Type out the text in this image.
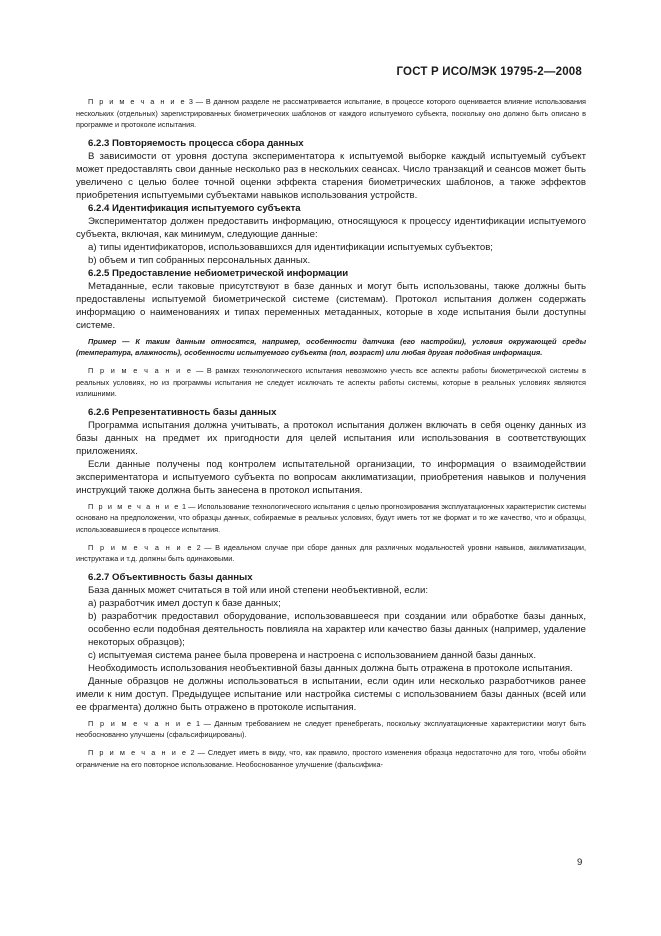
ГОСТ Р ИСО/МЭК 19795-2—2008

П р и м е ч а н и е 3 — В данном разделе не рассматривается испытание, в процессе которого оценивается влияние использования нескольких (отдельных) зарегистрированных биометрических шаблонов от каждого испытуемого субъекта, поскольку оно должно быть описано в программе и протоколе испытания.

6.2.3 Повторяемость процесса сбора данных

В зависимости от уровня доступа экспериментатора к испытуемой выборке каждый испытуемый субъект может предоставлять свои данные несколько раз в нескольких сеансах. Число транзакций и сеансов может быть увеличено с целью более точной оценки эффекта старения биометрических шаблонов, а также эффектов приобретения испытуемыми субъектами навыков использования устройств.

6.2.4 Идентификация испытуемого субъекта

Экспериментатор должен предоставить информацию, относящуюся к процессу идентификации испытуемого субъекта, включая, как минимум, следующие данные:

a) типы идентификаторов, использовавшихся для идентификации испытуемых субъектов;

b) объем и тип собранных персональных данных.

6.2.5 Предоставление небиометрической информации

Метаданные, если таковые присутствуют в базе данных и могут быть использованы, также должны быть предоставлены испытуемой биометрической системе (системам). Протокол испытания должен содержать информацию о наименованиях и типах переменных метаданных, которые в ходе испытания были доступны системе.

Пример — К таким данным относятся, например, особенности датчика (его настройки), условия окружающей среды (температура, влажность), особенности испытуемого субъекта (пол, возраст) или любая другая подобная информация.

П р и м е ч а н и е — В рамках технологического испытания невозможно учесть все аспекты работы биометрической системы в реальных условиях, но из программы испытания не следует исключать те аспекты работы системы, которые в реальных условиях являются излишними.

6.2.6 Репрезентативность базы данных

Программа испытания должна учитывать, а протокол испытания должен включать в себя оценку данных из базы данных на предмет их пригодности для целей испытания или использования в соответствующих приложениях.

Если данные получены под контролем испытательной организации, то информация о взаимодействии экспериментатора и испытуемого субъекта по вопросам акклиматизации, приобретения навыков и получения инструкций также должна быть занесена в протокол испытания.

П р и м е ч а н и е 1 — Использование технологического испытания с целью прогнозирования эксплуатационных характеристик системы основано на предположении, что образцы данных, собираемые в реальных условиях, будут иметь тот же формат и то же качество, что и образцы, использовавшиеся в процессе испытания.

П р и м е ч а н и е 2 — В идеальном случае при сборе данных для различных модальностей уровни навыков, акклиматизации, инструктажа и т.д. должны быть одинаковыми.

6.2.7 Объективность базы данных

База данных может считаться в той или иной степени необъективной, если:

a) разработчик имел доступ к базе данных;

b) разработчик предоставил оборудование, использовавшееся при создании или обработке базы данных, особенно если подобная деятельность повлияла на характер или качество базы данных (например, удаление некоторых образцов);

c) испытуемая система ранее была проверена и настроена с использованием данной базы данных.

Необходимость использования необъективной базы данных должна быть отражена в протоколе испытания.

Данные образцов не должны использоваться в испытании, если один или несколько разработчиков ранее имели к ним доступ. Предыдущее испытание или настройка системы с использованием базы данных (всей или ее фрагмента) должно быть отражено в протоколе испытания.

П р и м е ч а н и е 1 — Данным требованием не следует пренебрегать, поскольку эксплуатационные характеристики могут быть необоснованно улучшены (сфальсифицированы).

П р и м е ч а н и е 2 — Следует иметь в виду, что, как правило, простого изменения образца недостаточно для того, чтобы обойти ограничение на его повторное использование. Необоснованное улучшение (фальсифика-

9
